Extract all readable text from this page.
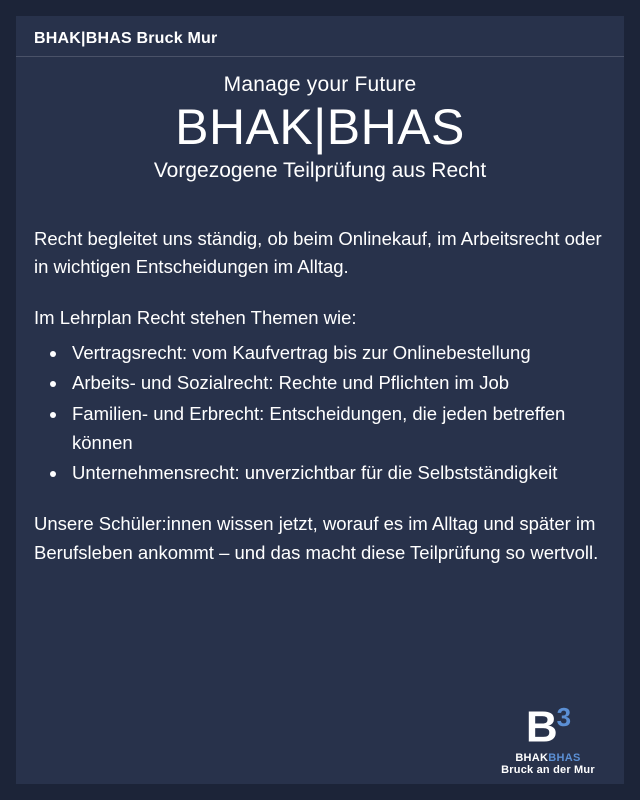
BHAK|BHAS Bruck Mur
Manage your Future
BHAK|BHAS
Vorgezogene Teilprüfung aus Recht

Recht begleitet uns ständig, ob beim Onlinekauf, im Arbeitsrecht oder in wichtigen Entscheidungen im Alltag.

Im Lehrplan Recht stehen Themen wie:

• Vertragsrecht: vom Kaufvertrag bis zur Onlinebestellung
• Arbeits- und Sozialrecht: Rechte und Pflichten im Job
• Familien- und Erbrecht: Entscheidungen, die jeden betreffen können
• Unternehmensrecht: unverzichtbar für die Selbstständigkeit

Unsere Schüler:innen wissen jetzt, worauf es im Alltag und später im Berufsleben ankommt – und das macht diese Teilprüfung so wertvoll.

$B^3$
BHAKBHAS
Bruck an der Mur
